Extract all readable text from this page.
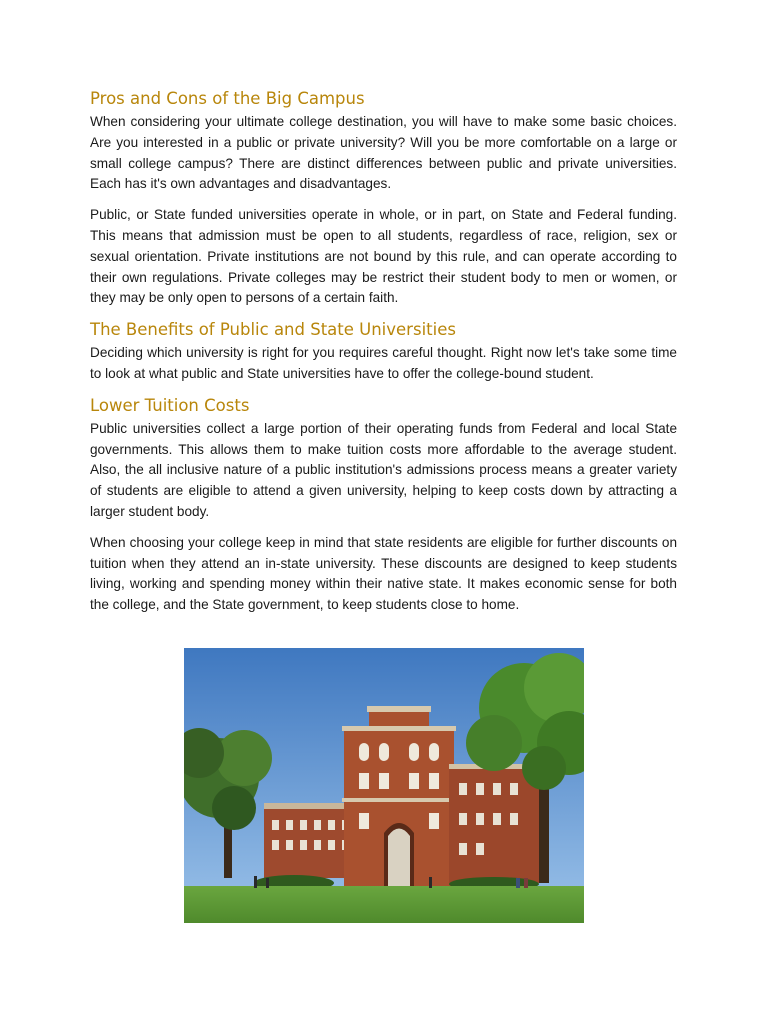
Pros and Cons of the Big Campus

When considering your ultimate college destination, you will have to make some basic choices. Are you interested in a public or private university? Will you be more comfortable on a large or small college campus? There are distinct differences between public and private universities. Each has it's own advantages and disadvantages.

Public, or State funded universities operate in whole, or in part, on State and Federal funding. This means that admission must be open to all students, regardless of race, religion, sex or sexual orientation. Private institutions are not bound by this rule, and can operate according to their own regulations. Private colleges may be restrict their student body to men or women, or they may be only open to persons of a certain faith.

The Benefits of Public and State Universities

Deciding which university is right for you requires careful thought. Right now let's take some time to look at what public and State universities have to offer the college-bound student.

Lower Tuition Costs

Public universities collect a large portion of their operating funds from Federal and local State governments. This allows them to make tuition costs more affordable to the average student. Also, the all inclusive nature of a public institution's admissions process means a greater variety of students are eligible to attend a given university, helping to keep costs down by attracting a larger student body.

When choosing your college keep in mind that state residents are eligible for further discounts on tuition when they attend an in-state university. These discounts are designed to keep students living, working and spending money within their native state. It makes economic sense for both the college, and the State government, to keep students close to home.
